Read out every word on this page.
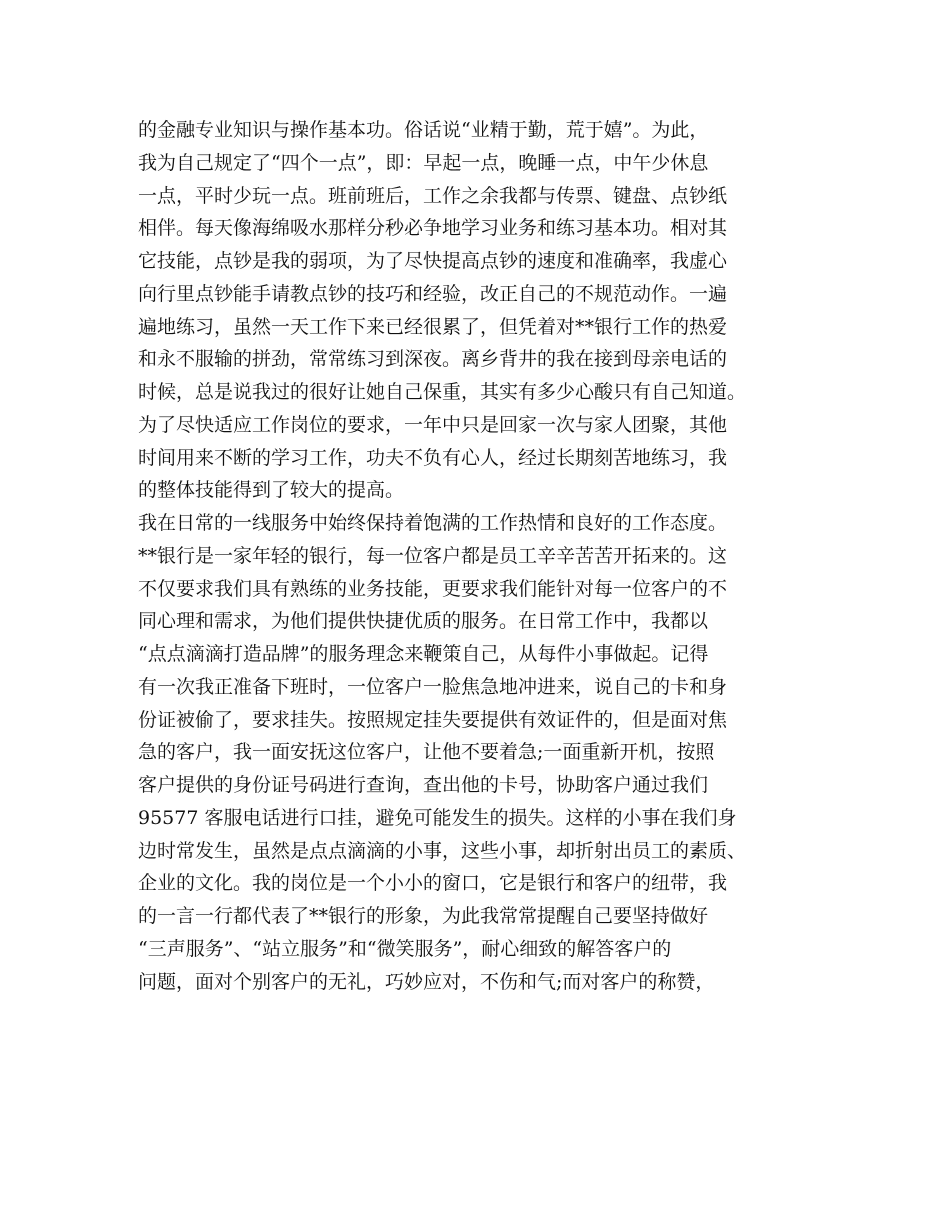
的金融专业知识与操作基本功。俗话说“业精于勤，荒于嬉”。为此，
我为自己规定了“四个一点”，即：早起一点，晚睡一点，中午少休息
一点，平时少玩一点。班前班后，工作之余我都与传票、键盘、点钞纸
相伴。每天像海绵吸水那样分秒必争地学习业务和练习基本功。相对其
它技能，点钞是我的弱项，为了尽快提高点钞的速度和准确率，我虚心
向行里点钞能手请教点钞的技巧和经验，改正自己的不规范动作。一遍
遍地练习，虽然一天工作下来已经很累了，但凭着对**银行工作的热爱
和永不服输的拼劲，常常练习到深夜。离乡背井的我在接到母亲电话的
时候，总是说我过的很好让她自己保重，其实有多少心酸只有自己知道。
为了尽快适应工作岗位的要求，一年中只是回家一次与家人团聚，其他
时间用来不断的学习工作，功夫不负有心人，经过长期刻苦地练习，我
的整体技能得到了较大的提高。
我在日常的一线服务中始终保持着饱满的工作热情和良好的工作态度。
**银行是一家年轻的银行，每一位客户都是员工辛辛苦苦开拓来的。这
不仅要求我们具有熟练的业务技能，更要求我们能针对每一位客户的不
同心理和需求，为他们提供快捷优质的服务。在日常工作中，我都以
“点点滴滴打造品牌”的服务理念来鞭策自己，从每件小事做起。记得
有一次我正准备下班时，一位客户一脸焦急地冲进来，说自己的卡和身
份证被偷了，要求挂失。按照规定挂失要提供有效证件的，但是面对焦
急的客户，我一面安抚这位客户，让他不要着急;一面重新开机，按照
客户提供的身份证号码进行查询，查出他的卡号，协助客户通过我们
95577 客服电话进行口挂，避免可能发生的损失。这样的小事在我们身
边时常发生，虽然是点点滴滴的小事，这些小事，却折射出员工的素质、
企业的文化。我的岗位是一个小小的窗口，它是银行和客户的纽带，我
的一言一行都代表了**银行的形象，为此我常常提醒自己要坚持做好
“三声服务”、“站立服务”和“微笑服务”，耐心细致的解答客户的
问题，面对个别客户的无礼，巧妙应对，不伤和气;而对客户的称赞，
